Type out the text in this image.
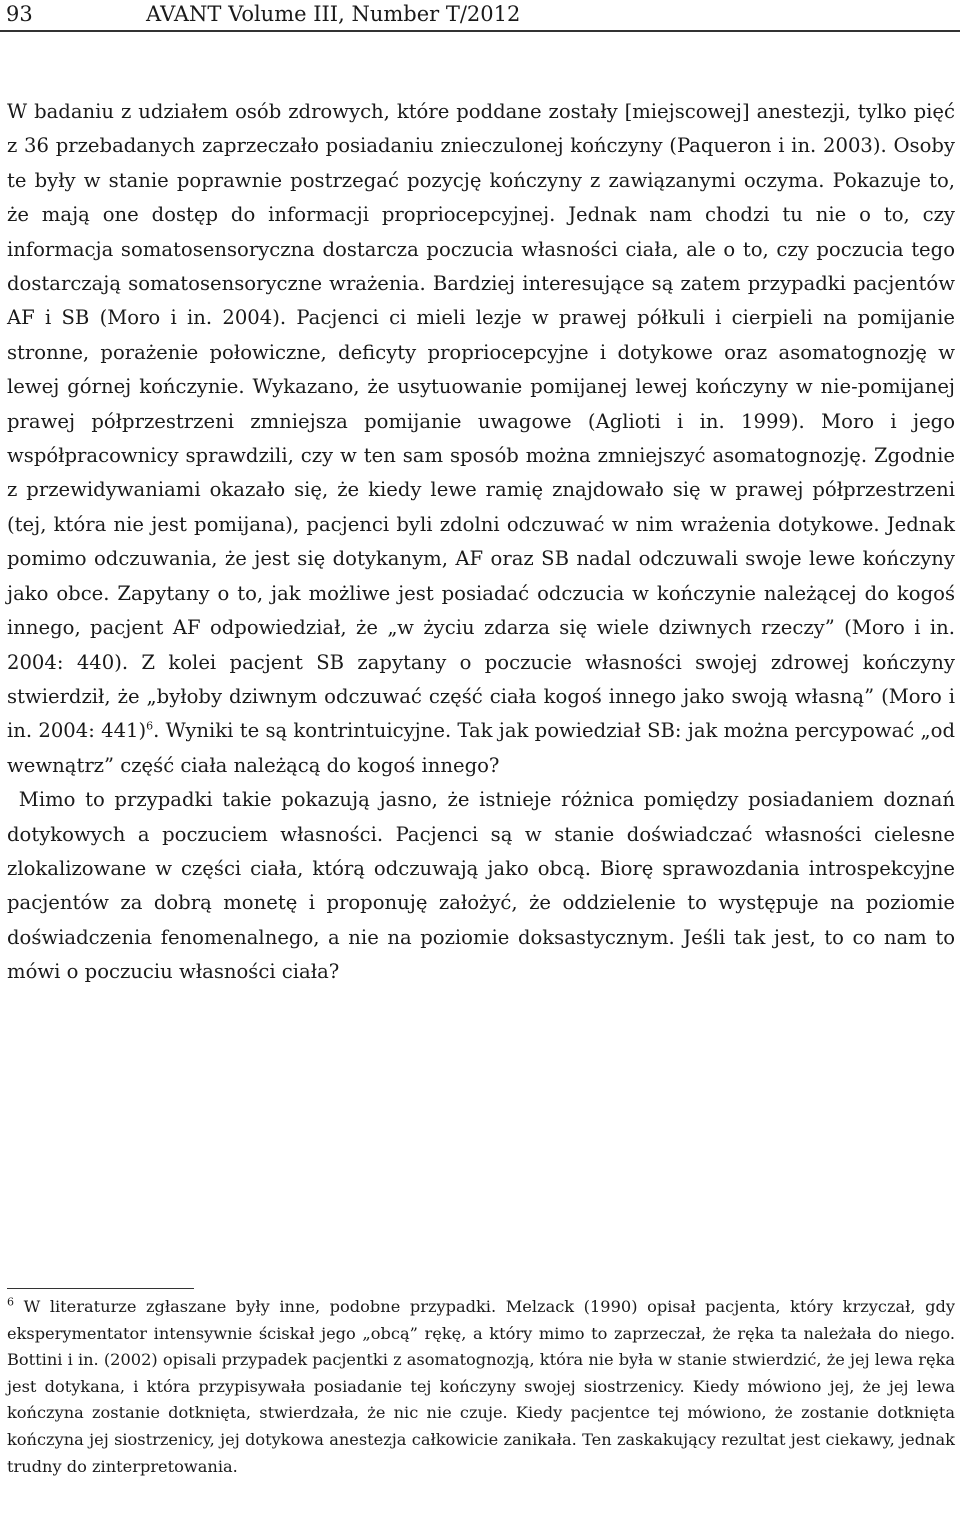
93	AVANT Volume III, Number T/2012

W badaniu z udziałem osób zdrowych, które poddane zostały [miejscowej] anestezji, tylko pięć z 36 przebadanych zaprzeczało posiadaniu znieczulonej kończyny (Paqueron i in. 2003). Osoby te były w stanie poprawnie postrzegać pozycję kończyny z zawiązanymi oczyma. Pokazuje to, że mają one dostęp do informacji propriocepcyjnej. Jednak nam chodzi tu nie o to, czy informacja somatosensoryczna dostarcza poczucia własności ciała, ale o to, czy poczucia tego dostarczają somatosensoryczne wrażenia. Bardziej interesujące są zatem przypadki pacjentów AF i SB (Moro i in. 2004). Pacjenci ci mieli lezje w prawej półkuli i cierpieli na pomijanie stronne, porażenie połowiczne, deficyty propriocepcyjne i dotykowe oraz asomatognozję w lewej górnej kończynie. Wykazano, że usytuowanie pomijanej lewej kończyny w nie-pomijanej prawej półprzestrzeni zmniejsza pomijanie uwagowe (Aglioti i in. 1999). Moro i jego współpracownicy sprawdzili, czy w ten sam sposób można zmniejszyć asomatognozję. Zgodnie z przewidywaniami okazało się, że kiedy lewe ramię znajdowało się w prawej półprzestrzeni (tej, która nie jest pomijana), pacjenci byli zdolni odczuwać w nim wrażenia dotykowe. Jednak pomimo odczuwania, że jest się dotykanym, AF oraz SB nadal odczuwali swoje lewe kończyny jako obce. Zapytany o to, jak możliwe jest posiadać odczucia w kończynie należącej do kogoś innego, pacjent AF odpowiedział, że „w życiu zdarza się wiele dziwnych rzeczy” (Moro i in. 2004: 440). Z kolei pacjent SB zapytany o poczucie własności swojej zdrowej kończyny stwierdził, że „byłoby dziwnym odczuwać część ciała kogoś innego jako swoją własną” (Moro i in. 2004: 441)$^6$. Wyniki te są kontrintuicyjne. Tak jak powiedział SB: jak można percypować „od wewnątrz” część ciała należącą do kogoś innego?

Mimo to przypadki takie pokazują jasno, że istnieje różnica pomiędzy posiadaniem doznań dotykowych a poczuciem własności. Pacjenci są w stanie doświadczać własności cielesne zlokalizowane w części ciała, którą odczuwają jako obcą. Biorę sprawozdania introspekcyjne pacjentów za dobrą monetę i proponuję założyć, że oddzielenie to występuje na poziomie doświadczenia fenomenalnego, a nie na poziomie doksastycznym. Jeśli tak jest, to co nam to mówi o poczuciu własności ciała?

$^6$ W literaturze zgłaszane były inne, podobne przypadki. Melzack (1990) opisał pacjenta, który krzyczał, gdy eksperymentator intensywnie ściskał jego „obcą” rękę, a który mimo to zaprzeczał, że ręka ta należała do niego. Bottini i in. (2002) opisali przypadek pacjentki z asomatognozją, która nie była w stanie stwierdzić, że jej lewa ręka jest dotykana, i która przypisywała posiadanie tej kończyny swojej siostrzenicy. Kiedy mówiono jej, że jej lewa kończyna zostanie dotknięta, stwierdzała, że nic nie czuje. Kiedy pacjentce tej mówiono, że zostanie dotknięta kończyna jej siostrzenicy, jej dotykowa anestezja całkowicie zanikała. Ten zaskakujący rezultat jest ciekawy, jednak trudny do zinterpretowania.
